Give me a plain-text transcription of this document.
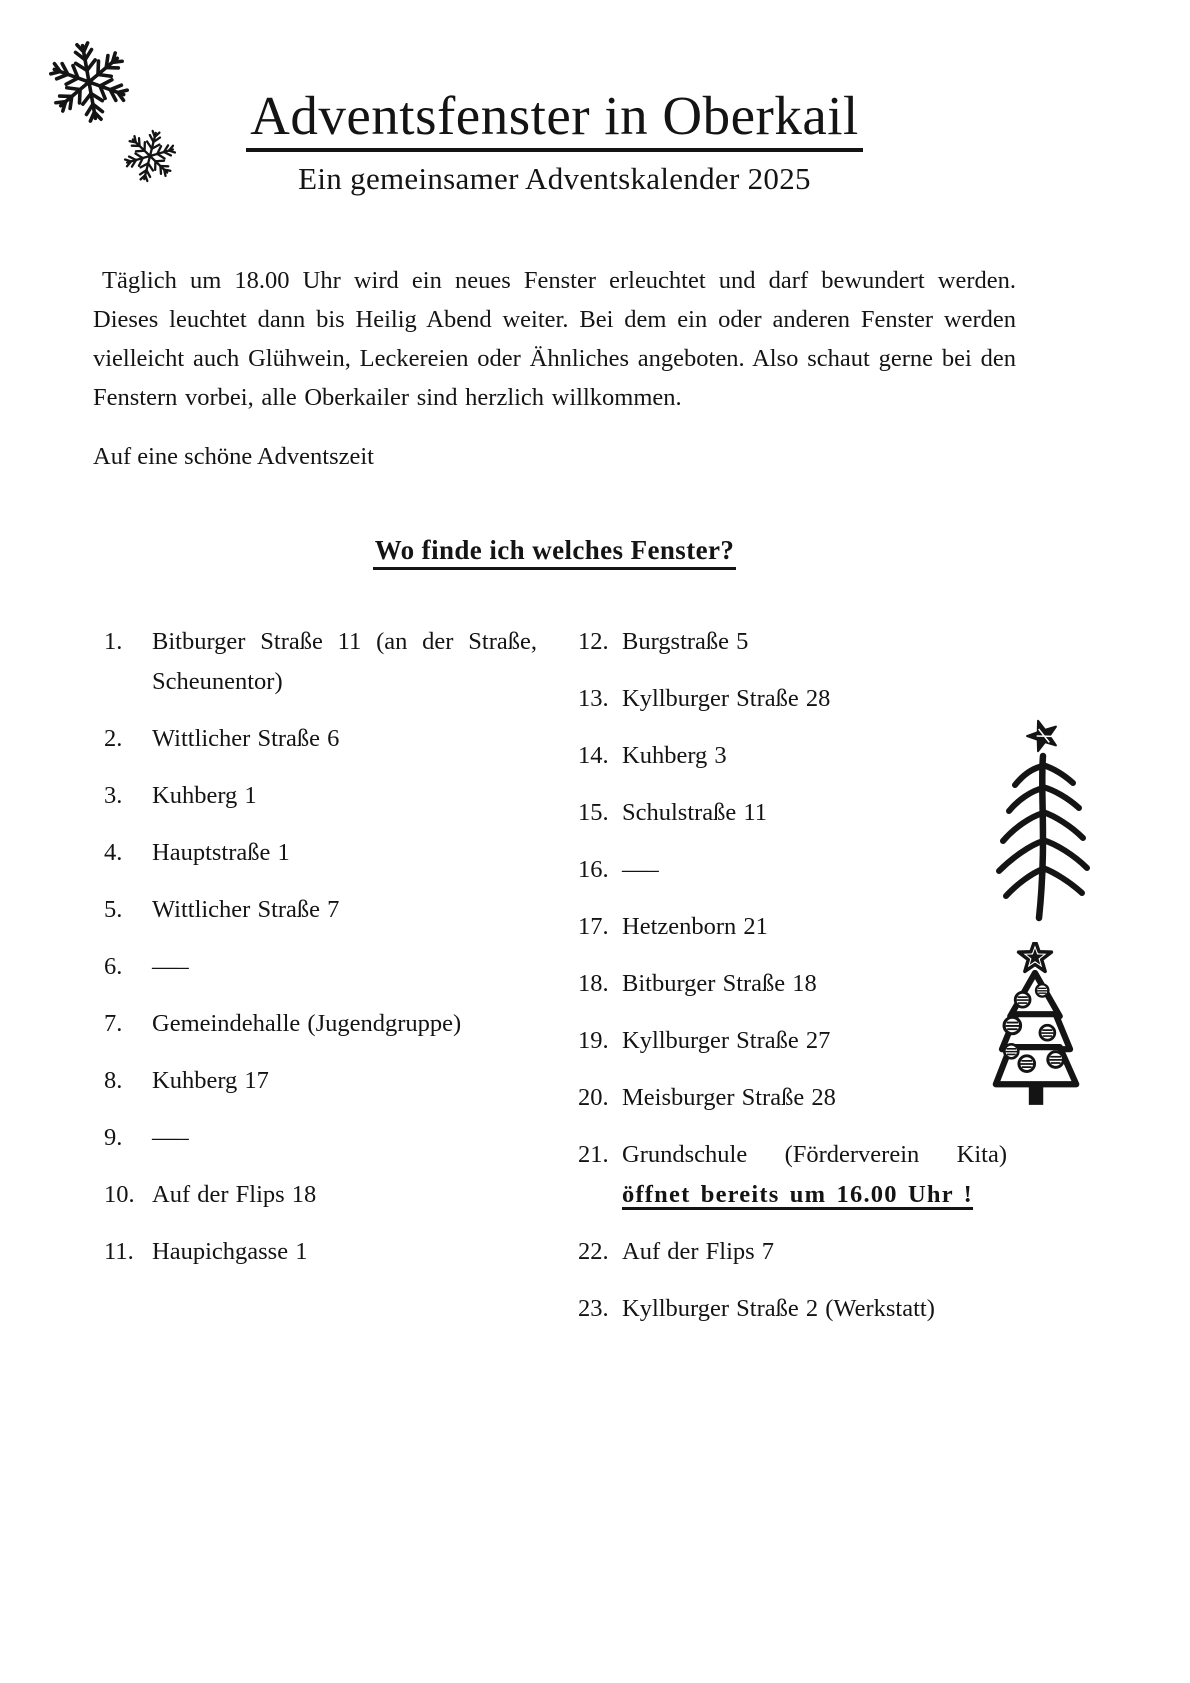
Adventsfenster in Oberkail
Ein gemeinsamer Adventskalender 2025

Täglich um 18.00 Uhr wird ein neues Fenster erleuchtet und darf bewundert werden. Dieses leuchtet dann bis Heilig Abend weiter. Bei dem ein oder anderen Fenster werden vielleicht auch Glühwein, Leckereien oder Ähnliches angeboten. Also schaut gerne bei den Fenstern vorbei, alle Oberkailer sind herzlich willkommen.

Auf eine schöne Adventszeit

Wo finde ich welches Fenster?
1.	Bitburger Straße 11 (an der Straße, Scheunentor)
2.	Wittlicher Straße 6
3.	Kuhberg 1
4.	Hauptstraße 1
5.	Wittlicher Straße 7
6.	—–
7.	Gemeindehalle (Jugendgruppe)
8.	Kuhberg 17
9.	—–
10. Auf der Flips 18
11. Haupichgasse 1
12. Burgstraße 5
13. Kyllburger Straße 28
14. Kuhberg 3
15. Schulstraße 11
16. —–
17. Hetzenborn 21
18. Bitburger Straße 18
19. Kyllburger Straße 27
20. Meisburger Straße 28
21. Grundschule (Förderverein Kita) öffnet bereits um 16.00 Uhr !
22. Auf der Flips 7
23. Kyllburger Straße 2 (Werkstatt)
